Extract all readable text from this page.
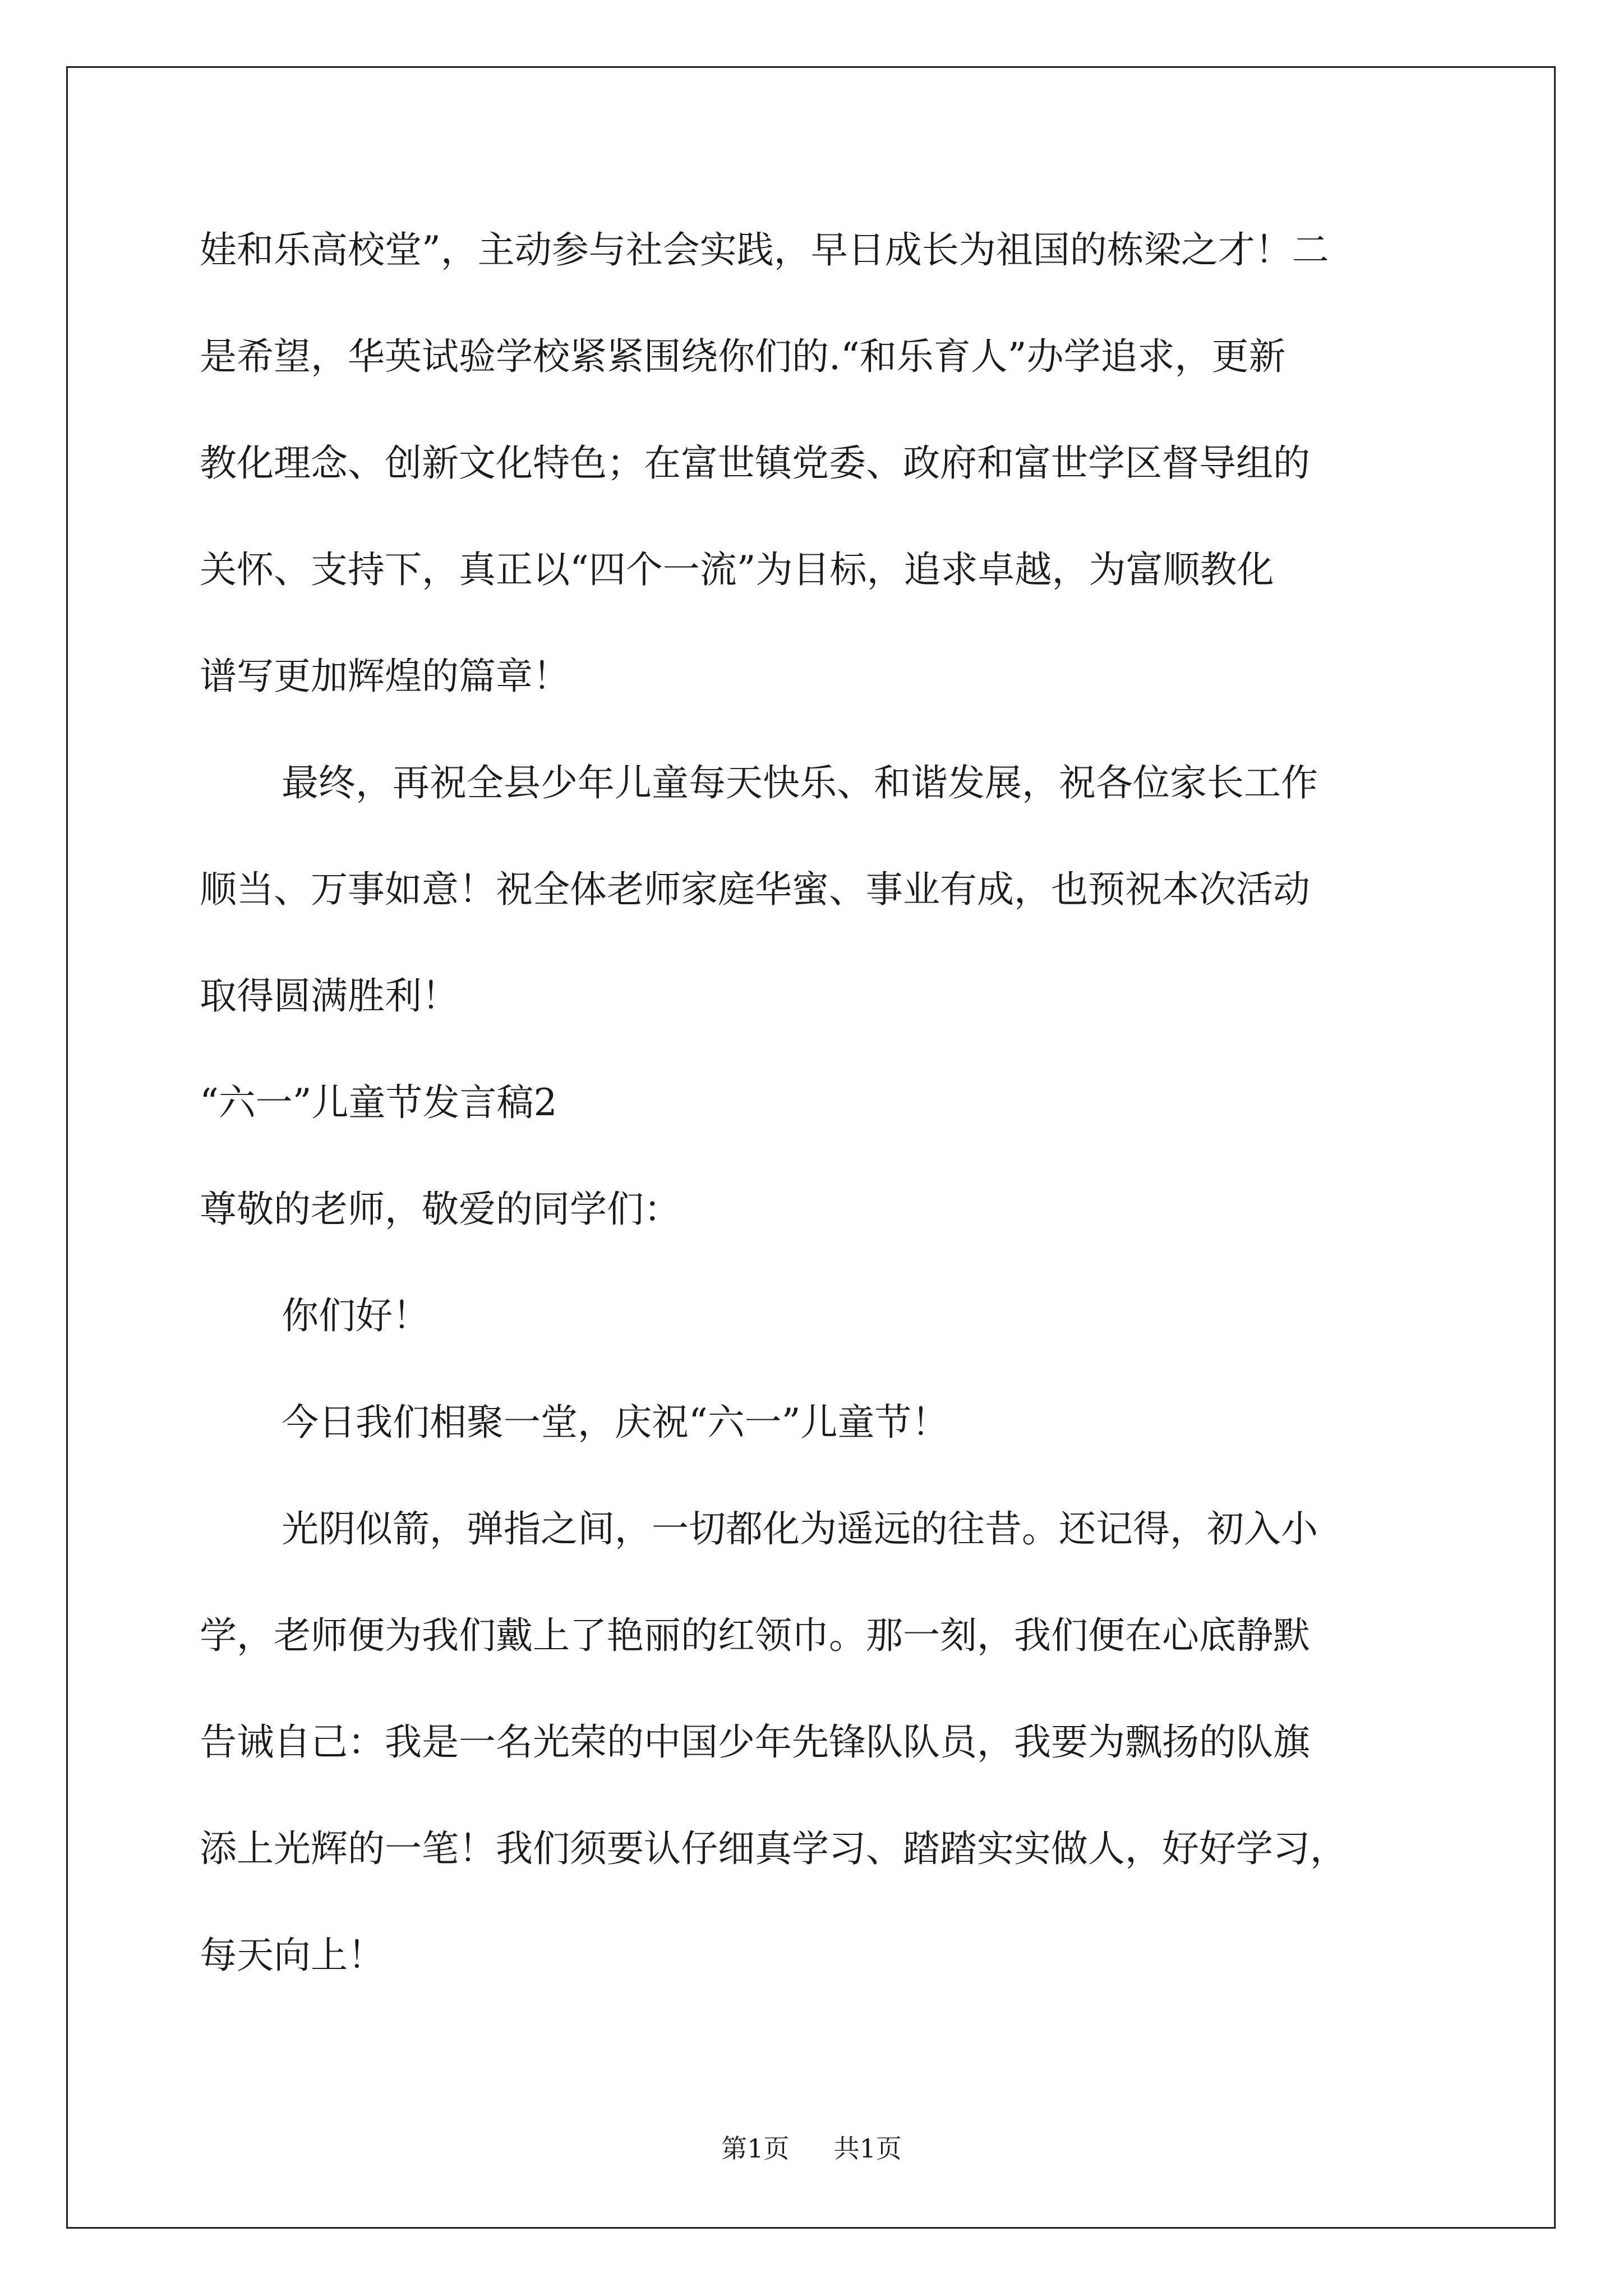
娃和乐高校堂”，主动参与社会实践，早日成长为祖国的栋梁之才！二
是希望，华英试验学校紧紧围绕你们的.“和乐育人”办学追求，更新
教化理念、创新文化特色；在富世镇党委、政府和富世学区督导组的
关怀、支持下，真正以“四个一流”为目标，追求卓越，为富顺教化
谱写更加辉煌的篇章！
最终，再祝全县少年儿童每天快乐、和谐发展，祝各位家长工作
顺当、万事如意！祝全体老师家庭华蜜、事业有成，也预祝本次活动
取得圆满胜利！
“六一”儿童节发言稿2
尊敬的老师，敬爱的同学们：
你们好！
今日我们相聚一堂，庆祝“六一”儿童节！
光阴似箭，弹指之间，一切都化为遥远的往昔。还记得，初入小
学，老师便为我们戴上了艳丽的红领巾。那一刻，我们便在心底静默
告诫自己：我是一名光荣的中国少年先锋队队员，我要为飘扬的队旗
添上光辉的一笔！我们须要认仔细真学习、踏踏实实做人，好好学习，
每天向上！
第1页 共1页
